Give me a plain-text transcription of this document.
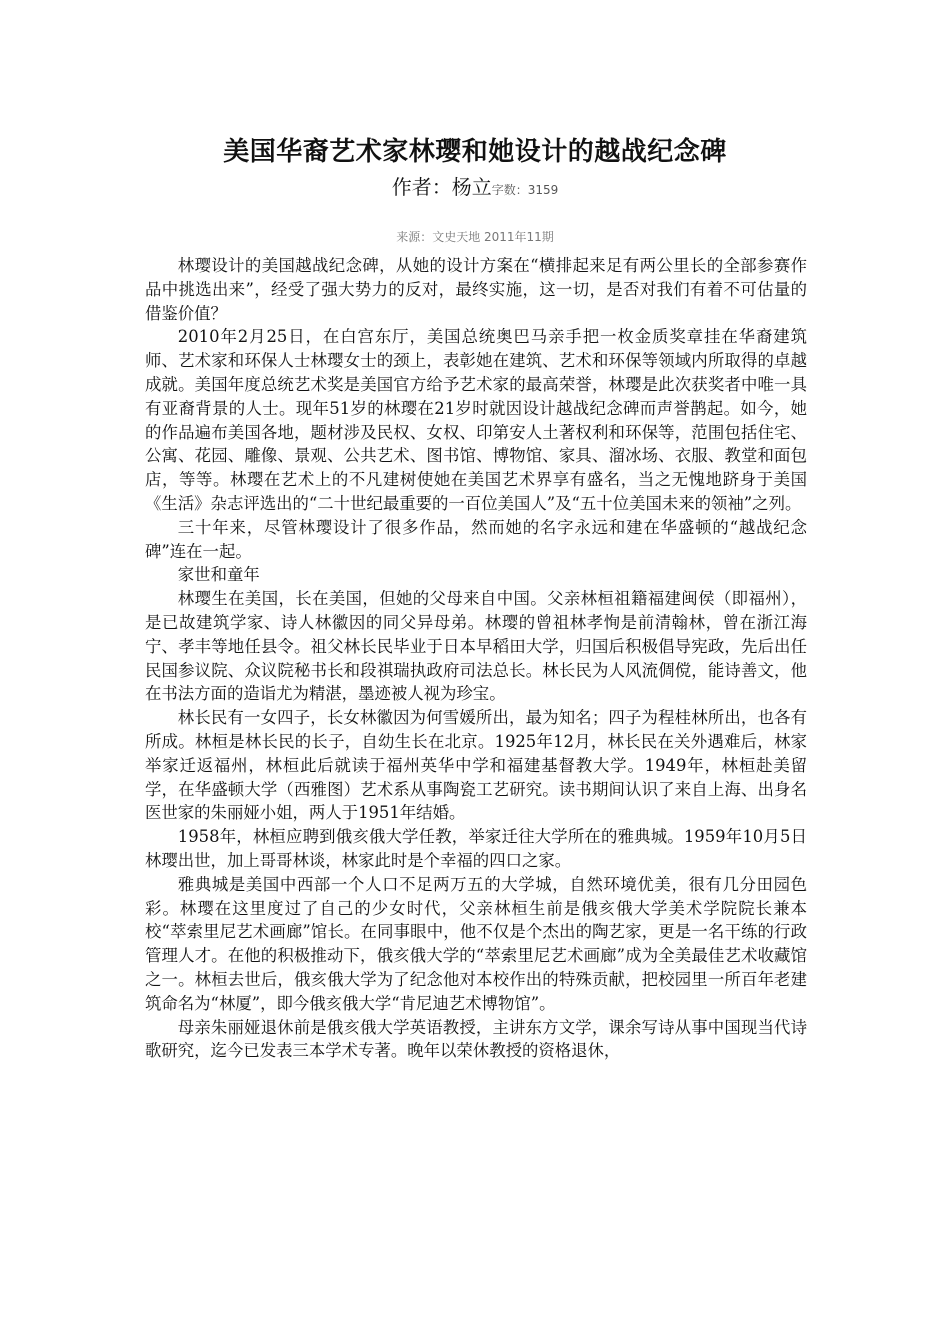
美国华裔艺术家林璎和她设计的越战纪念碑
作者：杨立字数：3159
来源：文史天地 2011年11期

林璎设计的美国越战纪念碑，从她的设计方案在“横排起来足有两公里长的全部参赛作品中挑选出来”，经受了强大势力的反对，最终实施，这一切，是否对我们有着不可估量的借鉴价值？

2010年2月25日，在白宫东厅，美国总统奥巴马亲手把一枚金质奖章挂在华裔建筑师、艺术家和环保人士林璎女士的颈上，表彰她在建筑、艺术和环保等领域内所取得的卓越成就。美国年度总统艺术奖是美国官方给予艺术家的最高荣誉，林璎是此次获奖者中唯一具有亚裔背景的人士。现年51岁的林璎在21岁时就因设计越战纪念碑而声誉鹊起。如今，她的作品遍布美国各地，题材涉及民权、女权、印第安人土著权利和环保等，范围包括住宅、公寓、花园、雕像、景观、公共艺术、图书馆、博物馆、家具、溜冰场、衣服、教堂和面包店，等等。林璎在艺术上的不凡建树使她在美国艺术界享有盛名，当之无愧地跻身于美国《生活》杂志评选出的“二十世纪最重要的一百位美国人”及“五十位美国未来的领袖”之列。

三十年来，尽管林璎设计了很多作品，然而她的名字永远和建在华盛顿的“越战纪念碑”连在一起。

家世和童年

林璎生在美国，长在美国，但她的父母来自中国。父亲林桓祖籍福建闽侯（即福州），是已故建筑学家、诗人林徽因的同父异母弟。林璎的曾祖林孝恂是前清翰林，曾在浙江海宁、孝丰等地任县令。祖父林长民毕业于日本早稻田大学，归国后积极倡导宪政，先后出任民国参议院、众议院秘书长和段祺瑞执政府司法总长。林长民为人风流倜傥，能诗善文，他在书法方面的造诣尤为精湛，墨迹被人视为珍宝。

林长民有一女四子，长女林徽因为何雪媛所出，最为知名；四子为程桂林所出，也各有所成。林桓是林长民的长子，自幼生长在北京。1925年12月，林长民在关外遇难后，林家举家迁返福州，林桓此后就读于福州英华中学和福建基督教大学。1949年，林桓赴美留学，在华盛顿大学（西雅图）艺术系从事陶瓷工艺研究。读书期间认识了来自上海、出身名医世家的朱丽娅小姐，两人于1951年结婚。

1958年，林桓应聘到俄亥俄大学任教，举家迁往大学所在的雅典城。1959年10月5日林璎出世，加上哥哥林谈，林家此时是个幸福的四口之家。

雅典城是美国中西部一个人口不足两万五的大学城，自然环境优美，很有几分田园色彩。林璎在这里度过了自己的少女时代，父亲林桓生前是俄亥俄大学美术学院院长兼本校“萃索里尼艺术画廊”馆长。在同事眼中，他不仅是个杰出的陶艺家，更是一名干练的行政管理人才。在他的积极推动下，俄亥俄大学的“萃索里尼艺术画廊”成为全美最佳艺术收藏馆之一。林桓去世后，俄亥俄大学为了纪念他对本校作出的特殊贡献，把校园里一所百年老建筑命名为“林厦”，即今俄亥俄大学“肯尼迪艺术博物馆”。

母亲朱丽娅退休前是俄亥俄大学英语教授，主讲东方文学，课余写诗从事中国现当代诗歌研究，迄今已发表三本学术专著。晚年以荣休教授的资格退休，
